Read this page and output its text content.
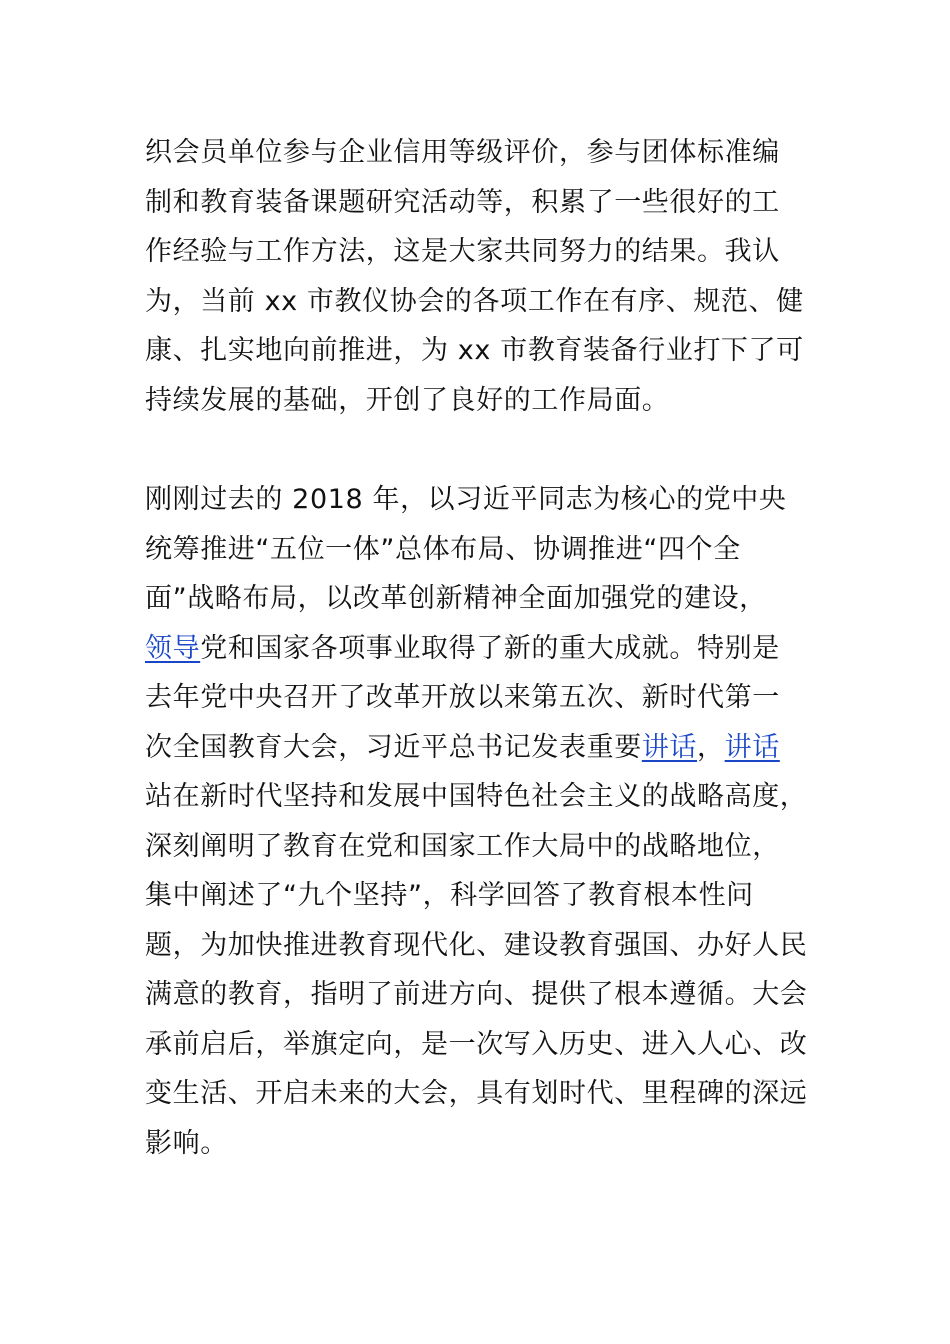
织会员单位参与企业信用等级评价，参与团体标准编
制和教育装备课题研究活动等，积累了一些很好的工
作经验与工作方法，这是大家共同努力的结果。我认
为，当前 xx 市教仪协会的各项工作在有序、规范、健
康、扎实地向前推进，为 xx 市教育装备行业打下了可
持续发展的基础，开创了良好的工作局面。
刚刚过去的 2018 年，以习近平同志为核心的党中央
统筹推进“五位一体”总体布局、协调推进“四个全
面”战略布局，以改革创新精神全面加强党的建设，
领导党和国家各项事业取得了新的重大成就。特别是
去年党中央召开了改革开放以来第五次、新时代第一
次全国教育大会，习近平总书记发表重要讲话，讲话
站在新时代坚持和发展中国特色社会主义的战略高度，
深刻阐明了教育在党和国家工作大局中的战略地位，
集中阐述了“九个坚持”，科学回答了教育根本性问
题，为加快推进教育现代化、建设教育强国、办好人民
满意的教育，指明了前进方向、提供了根本遵循。大会
承前启后，举旗定向，是一次写入历史、进入人心、改
变生活、开启未来的大会，具有划时代、里程碑的深远
影响。
